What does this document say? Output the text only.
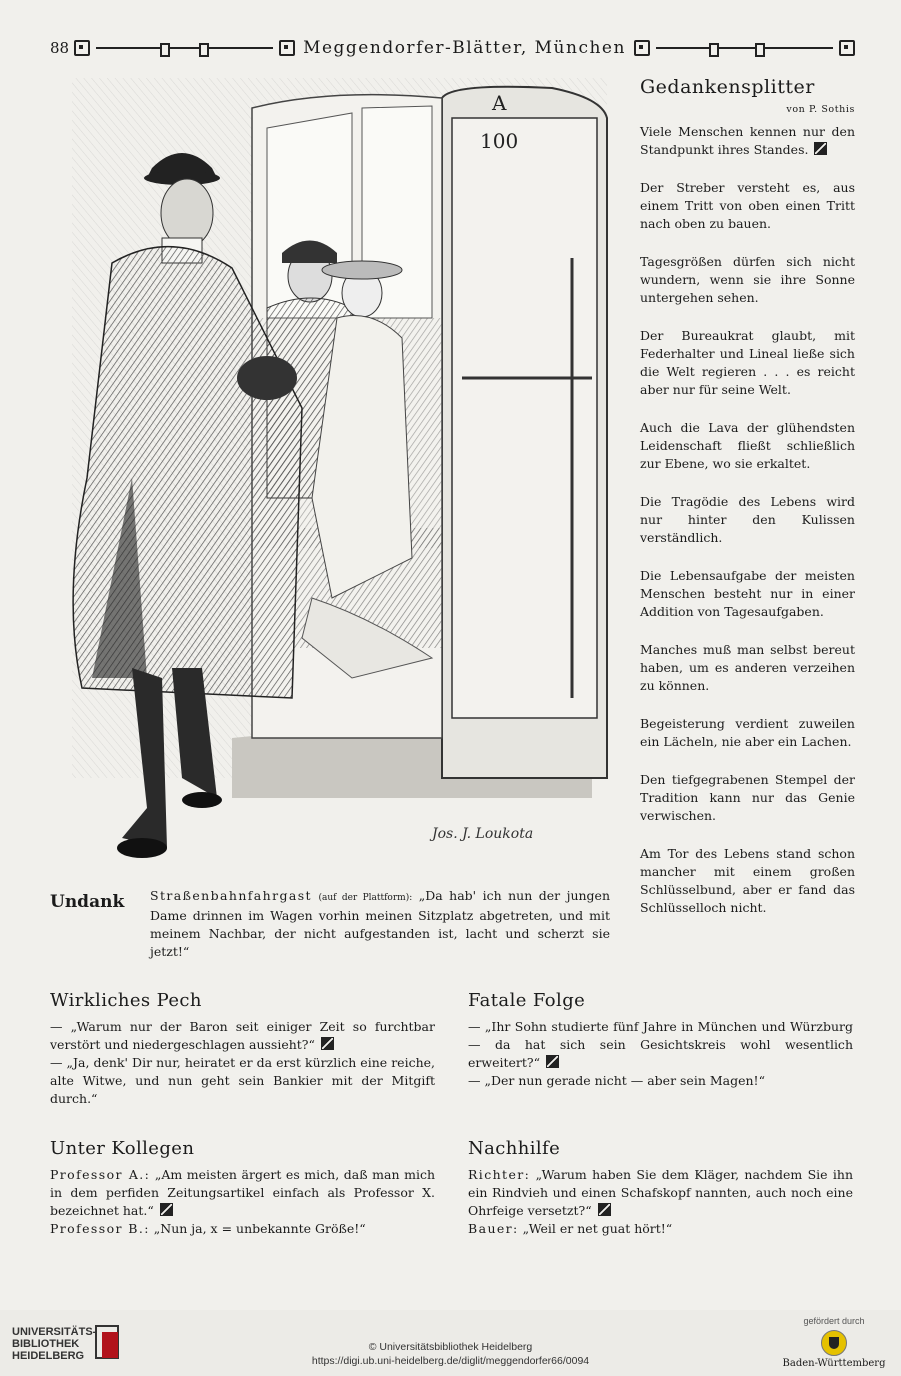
88	Meggendorfer-Blätter, München
A
100
Jos. J. Loukota
Undank Straßenbahnfahrgast (auf der Plattform): „Da hab' ich nun der jungen Dame drinnen im Wagen vorhin meinen Sitzplatz abgetreten, und mit meinem Nachbar, der nicht aufgestanden ist, lacht und scherzt sie jetzt!“
Gedankensplitter
von P. Sothis
Viele Menschen kennen nur den Standpunkt ihres Standes.
Der Streber versteht es, aus einem Tritt von oben einen Tritt nach oben zu bauen.
Tagesgrößen dürfen sich nicht wundern, wenn sie ihre Sonne untergehen sehen.
Der Bureaukrat glaubt, mit Federhalter und Lineal ließe sich die Welt regieren . . . es reicht aber nur für seine Welt.
Auch die Lava der glühendsten Leidenschaft fließt schließlich zur Ebene, wo sie erkaltet.
Die Tragödie des Lebens wird nur hinter den Kulissen verständlich.
Die Lebensaufgabe der meisten Menschen besteht nur in einer Addition von Tagesaufgaben.
Manches muß man selbst bereut haben, um es anderen verzeihen zu können.
Begeisterung verdient zuweilen ein Lächeln, nie aber ein Lachen.
Den tiefgegrabenen Stempel der Tradition kann nur das Genie verwischen.
Am Tor des Lebens stand schon mancher mit einem großen Schlüsselbund, aber er fand das Schlüsselloch nicht.
Wirkliches Pech

— „Warum nur der Baron seit einiger Zeit so furchtbar verstört und niedergeschlagen aussieht?“

— „Ja, denk' Dir nur, heiratet er da erst kürzlich eine reiche, alte Witwe, und nun geht sein Bankier mit der Mitgift durch.“

Fatale Folge

— „Ihr Sohn studierte fünf Jahre in München und Würzburg — da hat sich sein Gesichtskreis wohl wesentlich erweitert?“

— „Der nun gerade nicht — aber sein Magen!“

Unter Kollegen

Professor A.: „Am meisten ärgert es mich, daß man mich in dem perfiden Zeitungsartikel einfach als Professor X. bezeichnet hat.“

Professor B.: „Nun ja, x = unbekannte Größe!“

Nachhilfe

Richter: „Warum haben Sie dem Kläger, nachdem Sie ihn ein Rindvieh und einen Schafskopf nannten, auch noch eine Ohrfeige versetzt?“

Bauer: „Weil er net guat hört!“

UNIVERSITÄTS-
BIBLIOTHEK
HEIDELBERG
© Universitätsbibliothek Heidelberg
https://digi.ub.uni-heidelberg.de/diglit/meggendorfer66/0094
gefördert durch
Baden-Württemberg
